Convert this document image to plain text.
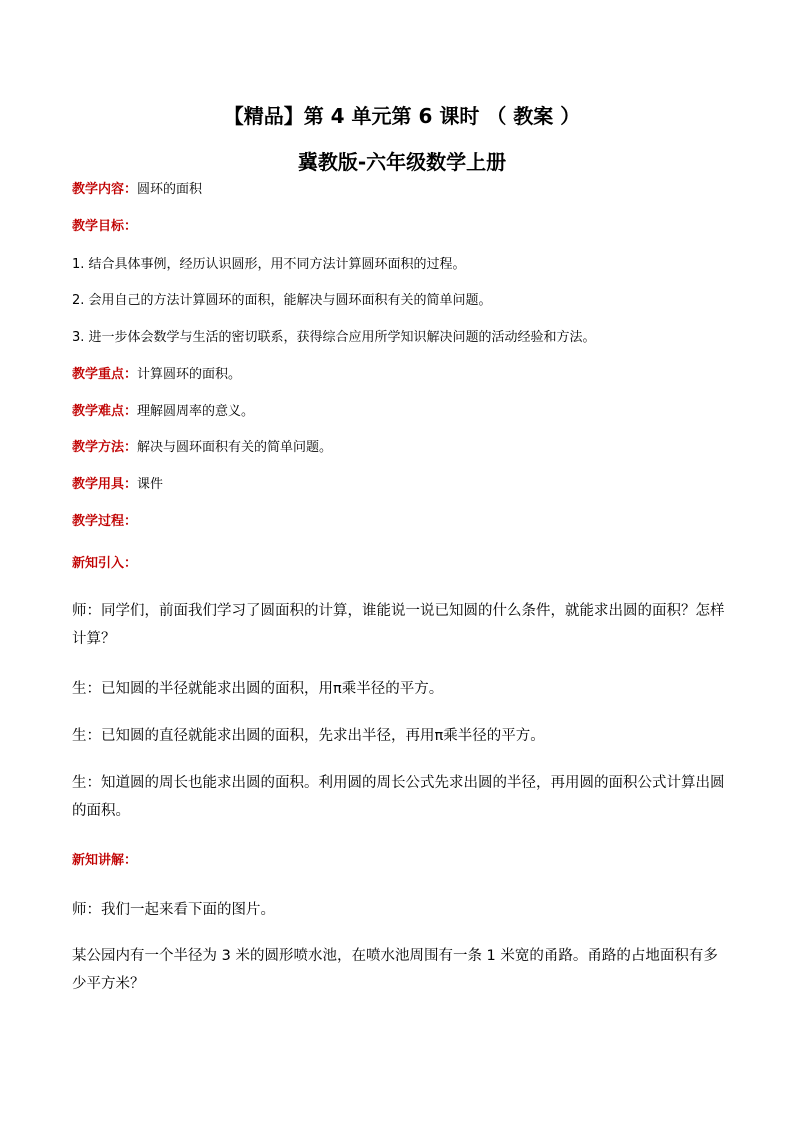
【精品】第 4 单元第 6 课时 （ 教案 ）
冀教版-六年级数学上册
教学内容：圆环的面积
教学目标：
1. 结合具体事例，经历认识圆形，用不同方法计算圆环面积的过程。
2. 会用自己的方法计算圆环的面积，能解决与圆环面积有关的简单问题。
3. 进一步体会数学与生活的密切联系，获得综合应用所学知识解决问题的活动经验和方法。
教学重点：计算圆环的面积。
教学难点：理解圆周率的意义。
教学方法：解决与圆环面积有关的简单问题。
教学用具：课件
教学过程：
新知引入：
师：同学们，前面我们学习了圆面积的计算，谁能说一说已知圆的什么条件，就能求出圆的面积？怎样计算？
生：已知圆的半径就能求出圆的面积，用π乘半径的平方。
生：已知圆的直径就能求出圆的面积，先求出半径，再用π乘半径的平方。
生：知道圆的周长也能求出圆的面积。利用圆的周长公式先求出圆的半径，再用圆的面积公式计算出圆的面积。
新知讲解：
师：我们一起来看下面的图片。
某公园内有一个半径为 3 米的圆形喷水池，在喷水池周围有一条 1 米宽的甬路。甬路的占地面积有多少平方米？
